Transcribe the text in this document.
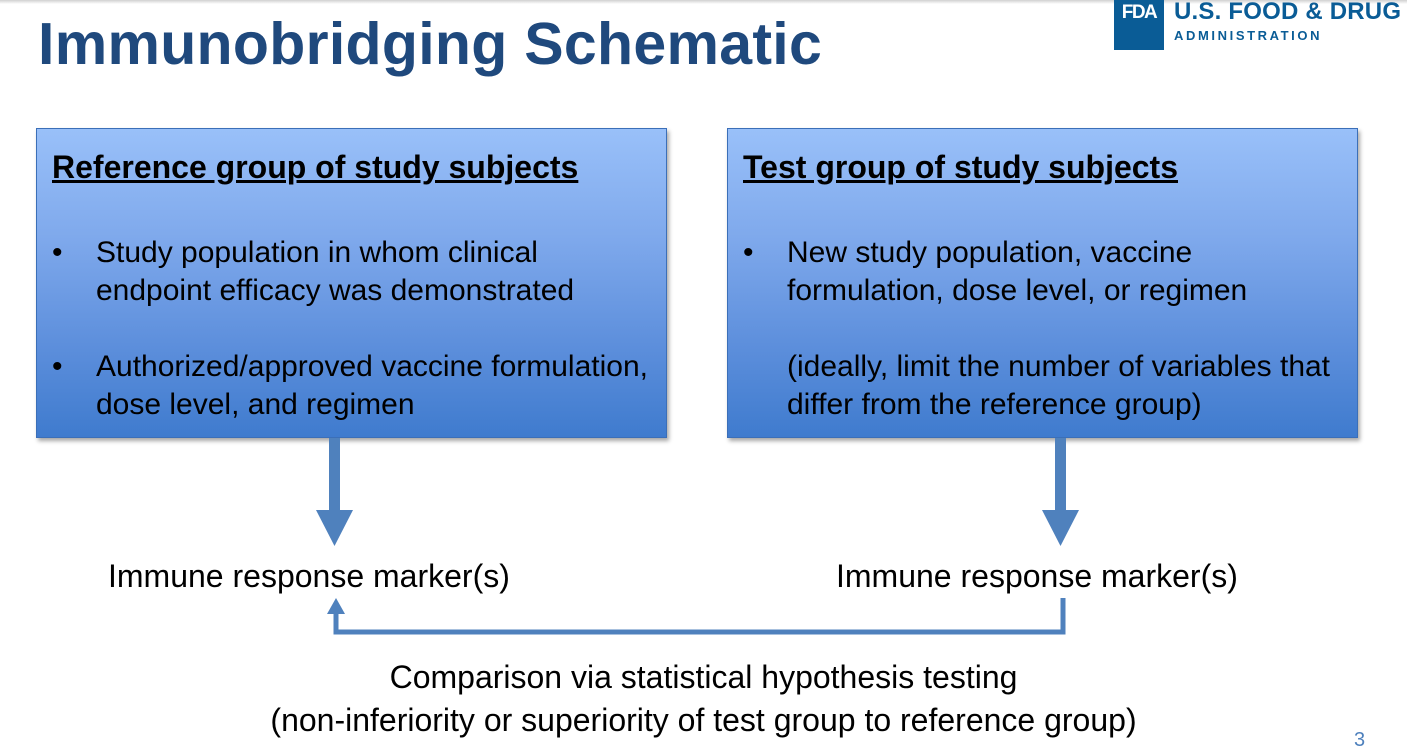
Immunobridging Schematic	FDA U.S. FOOD & DRUG
ADMINISTRATION
Reference group of study subjects
•	Study population in whom clinical endpoint efficacy was demonstrated
•	Authorized/approved vaccine formulation, dose level, and regimen
Test group of study subjects
•	New study population, vaccine formulation, dose level, or regimen
(ideally, limit the number of variables that differ from the reference group)
Immune response marker(s)	Immune response marker(s)
Comparison via statistical hypothesis testing
(non-inferiority or superiority of test group to reference group)
3
